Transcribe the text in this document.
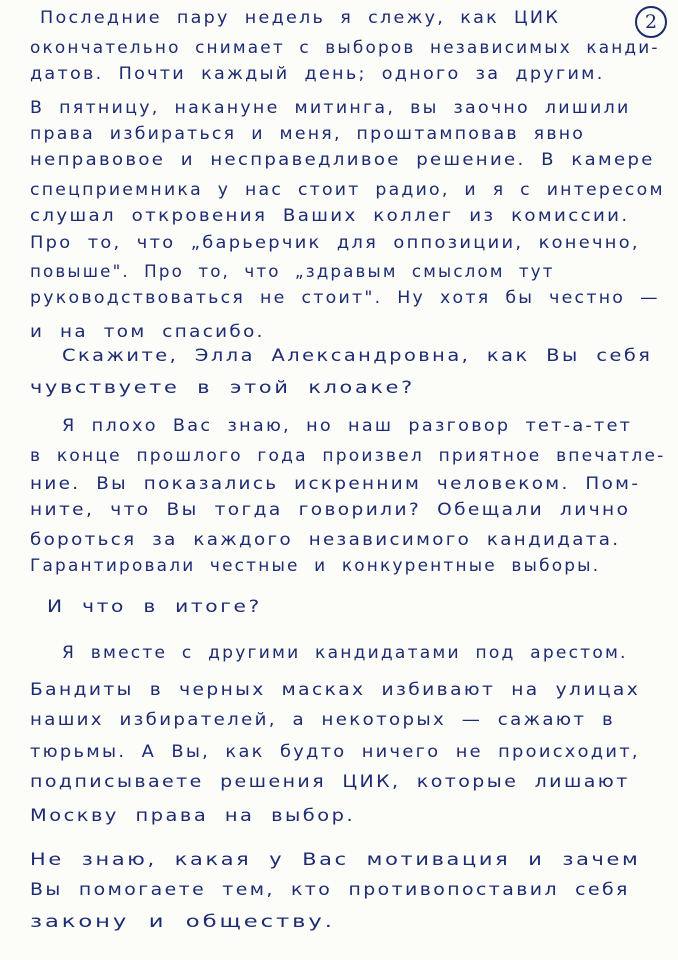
2
Последние пару недель я слежу, как ЦИК
окончательно снимает с выборов независимых канди-
датов. Почти каждый день; одного за другим.
В пятницу, накануне митинга, вы заочно лишили
права избираться и меня, проштамповав явно
неправовое и несправедливое решение. В камере
спецприемника у нас стоит радио, и я с интересом
слушал откровения Ваших коллег из комиссии.
Про то, что „барьерчик для оппозиции, конечно,
повыше". Про то, что „здравым смыслом тут
руководствоваться не стоит". Ну хотя бы честно —
и на том спасибо.
Скажите, Элла Александровна, как Вы себя
чувствуете в этой клоаке?
Я плохо Вас знаю, но наш разговор тет-а-тет
в конце прошлого года произвел приятное впечатле-
ние. Вы показались искренним человеком. Пом-
ните, что Вы тогда говорили? Обещали лично
бороться за каждого независимого кандидата.
Гарантировали честные и конкурентные выборы.
И что в итоге?
Я вместе с другими кандидатами под арестом.
Бандиты в черных масках избивают на улицах
наших избирателей, а некоторых — сажают в
тюрьмы. А Вы, как будто ничего не происходит,
подписываете решения ЦИК, которые лишают
Москву права на выбор.
Не знаю, какая у Вас мотивация и зачем
Вы помогаете тем, кто противопоставил себя
закону и обществу.
